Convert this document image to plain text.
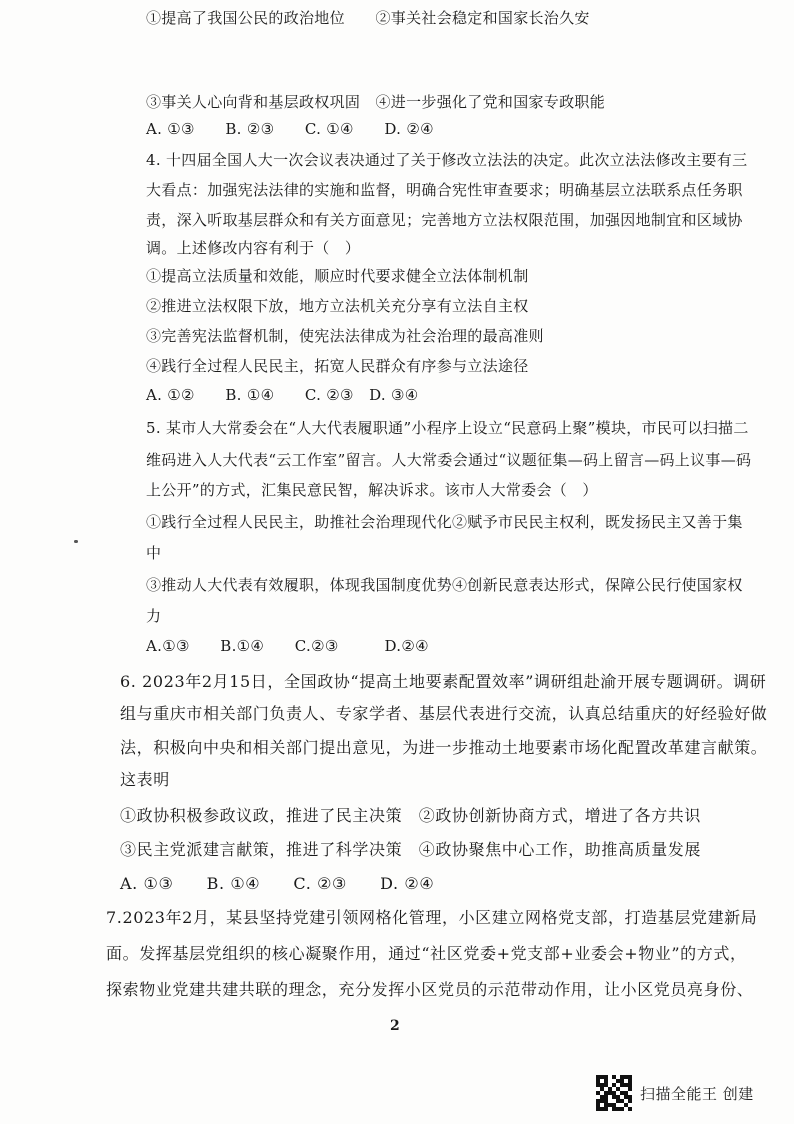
①提高了我国公民的政治地位　　②事关社会稳定和国家长治久安
③事关人心向背和基层政权巩固　④进一步强化了党和国家专政职能
A. ①③　　B. ②③　　C. ①④　　D. ②④
4. 十四届全国人大一次会议表决通过了关于修改立法法的决定。此次立法法修改主要有三
大看点：加强宪法法律的实施和监督，明确合宪性审查要求；明确基层立法联系点任务职
责，深入听取基层群众和有关方面意见；完善地方立法权限范围，加强因地制宜和区域协
调。上述修改内容有利于（　）
①提高立法质量和效能，顺应时代要求健全立法体制机制
②推进立法权限下放，地方立法机关充分享有立法自主权
③完善宪法监督机制，使宪法法律成为社会治理的最高准则
④践行全过程人民民主，拓宽人民群众有序参与立法途径
A. ①②　　B. ①④　　C. ②③　D. ③④
5. 某市人大常委会在“人大代表履职通”小程序上设立“民意码上聚”模块，市民可以扫描二
维码进入人大代表“云工作室”留言。人大常委会通过“议题征集—码上留言—码上议事—码
上公开”的方式，汇集民意民智，解决诉求。该市人大常委会（　）
①践行全过程人民民主，助推社会治理现代化②赋予市民民主权利，既发扬民主又善于集
中
③推动人大代表有效履职，体现我国制度优势④创新民意表达形式，保障公民行使国家权
力
A.①③　　B.①④　　C.②③　　　D.②④
6. 2023年2月15日，全国政协“提高土地要素配置效率”调研组赴渝开展专题调研。调研
组与重庆市相关部门负责人、专家学者、基层代表进行交流，认真总结重庆的好经验好做
法，积极向中央和相关部门提出意见，为进一步推动土地要素市场化配置改革建言献策。
这表明
①政协积极参政议政，推进了民主决策　②政协创新协商方式，增进了各方共识
③民主党派建言献策，推进了科学决策　④政协聚焦中心工作，助推高质量发展
A. ①③　　B. ①④　　C. ②③　　D. ②④
7.2023年2月，某县坚持党建引领网格化管理，小区建立网格党支部，打造基层党建新局
面。发挥基层党组织的核心凝聚作用，通过“社区党委+党支部+业委会+物业”的方式，
探索物业党建共建共联的理念，充分发挥小区党员的示范带动作用，让小区党员亮身份、
2
扫描全能王 创建
